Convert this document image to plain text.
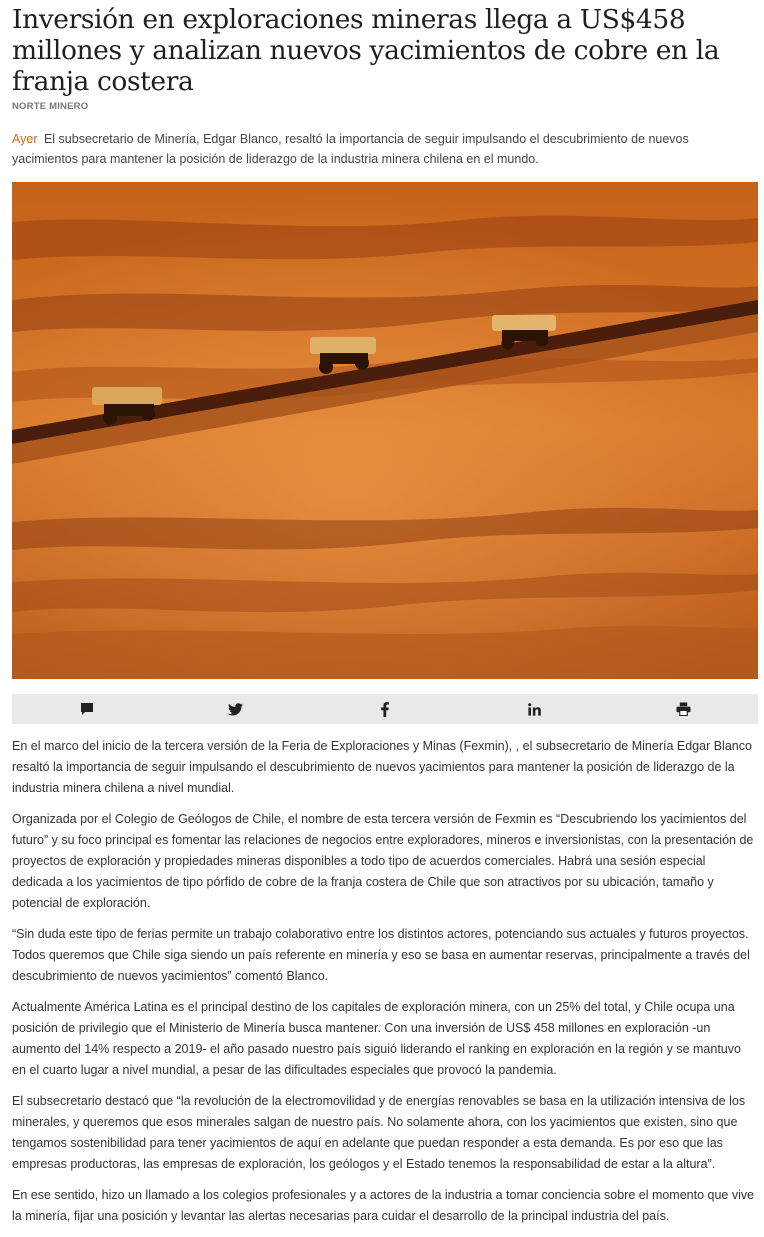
Inversión en exploraciones mineras llega a US$458 millones y analizan nuevos yacimientos de cobre en la franja costera
NORTE MINERO
Ayer El subsecretario de Minería, Edgar Blanco, resaltó la importancia de seguir impulsando el descubrimiento de nuevos yacimientos para mantener la posición de liderazgo de la industria minera chilena en el mundo.

En el marco del inicio de la tercera versión de la Feria de Exploraciones y Minas (Fexmin), , el subsecretario de Minería Edgar Blanco resaltó la importancia de seguir impulsando el descubrimiento de nuevos yacimientos para mantener la posición de liderazgo de la industria minera chilena a nivel mundial.

Organizada por el Colegio de Geólogos de Chile, el nombre de esta tercera versión de Fexmin es “Descubriendo los yacimientos del futuro” y su foco principal es fomentar las relaciones de negocios entre exploradores, mineros e inversionistas, con la presentación de proyectos de exploración y propiedades mineras disponibles a todo tipo de acuerdos comerciales. Habrá una sesión especial dedicada a los yacimientos de tipo pórfido de cobre de la franja costera de Chile que son atractivos por su ubicación, tamaño y potencial de exploración.

“Sin duda este tipo de ferias permite un trabajo colaborativo entre los distintos actores, potenciando sus actuales y futuros proyectos. Todos queremos que Chile siga siendo un país referente en minería y eso se basa en aumentar reservas, principalmente a través del descubrimiento de nuevos yacimientos” comentó Blanco.

Actualmente América Latina es el principal destino de los capitales de exploración minera, con un 25% del total, y Chile ocupa una posición de privilegio que el Ministerio de Minería busca mantener. Con una inversión de US$ 458 millones en exploración -un aumento del 14% respecto a 2019- el año pasado nuestro país siguió liderando el ranking en exploración en la región y se mantuvo en el cuarto lugar a nivel mundial, a pesar de las dificultades especiales que provocó la pandemia.

El subsecretario destacó que “la revolución de la electromovilidad y de energías renovables se basa en la utilización intensiva de los minerales, y queremos que esos minerales salgan de nuestro país. No solamente ahora, con los yacimientos que existen, sino que tengamos sostenibilidad para tener yacimientos de aquí en adelante que puedan responder a esta demanda. Es por eso que las empresas productoras, las empresas de exploración, los geólogos y el Estado tenemos la responsabilidad de estar a la altura”.

En ese sentido, hizo un llamado a los colegios profesionales y a actores de la industria a tomar conciencia sobre el momento que vive la minería, fijar una posición y levantar las alertas necesarias para cuidar el desarrollo de la principal industria del país.
